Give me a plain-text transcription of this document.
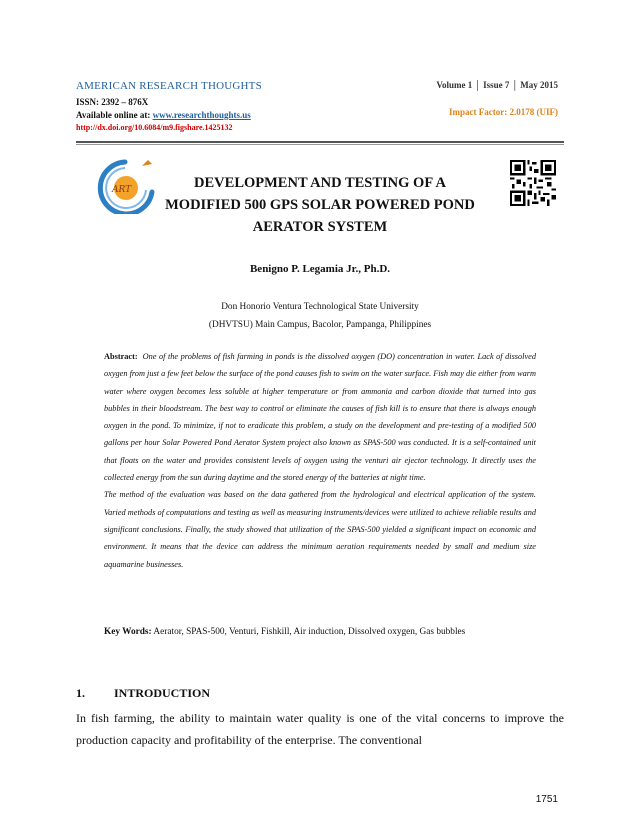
AMERICAN RESEARCH THOUGHTS
ISSN: 2392 – 876X
Available online at: www.researchthoughts.us
http://dx.doi.org/10.6084/m9.figshare.1425132
Volume 1 │ Issue 7 │ May 2015
Impact Factor: 2.0178 (UIF)
ART	DEVELOPMENT AND TESTING OF A
MODIFIED 500 GPS SOLAR POWERED POND
AERATOR SYSTEM
Benigno P. Legamia Jr., Ph.D.
Don Honorio Ventura Technological State University
(DHVTSU) Main Campus, Bacolor, Pampanga, Philippines

Abstract: One of the problems of fish farming in ponds is the dissolved oxygen (DO) concentration in water. Lack of dissolved oxygen from just a few feet below the surface of the pond causes fish to swim on the water surface. Fish may die either from warm water where oxygen becomes less soluble at higher temperature or from ammonia and carbon dioxide that turned into gas bubbles in their bloodstream. The best way to control or eliminate the causes of fish kill is to ensure that there is always enough oxygen in the pond. To minimize, if not to eradicate this problem, a study on the development and pre-testing of a modified 500 gallons per hour Solar Powered Pond Aerator System project also known as SPAS-500 was conducted. It is a self-contained unit that floats on the water and provides consistent levels of oxygen using the venturi air ejector technology. It directly uses the collected energy from the sun during daytime and the stored energy of the batteries at night time.

The method of the evaluation was based on the data gathered from the hydrological and electrical application of the system. Varied methods of computations and testing as well as measuring instruments/devices were utilized to achieve reliable results and significant conclusions. Finally, the study showed that utilization of the SPAS-500 yielded a significant impact on economic and environment. It means that the device can address the minimum aeration requirements needed by small and medium size aquamarine businesses.

Key Words: Aerator, SPAS-500, Venturi, Fishkill, Air induction, Dissolved oxygen, Gas bubbles
1. INTRODUCTION
In fish farming, the ability to maintain water quality is one of the vital concerns to improve the production capacity and profitability of the enterprise. The conventional
1751
